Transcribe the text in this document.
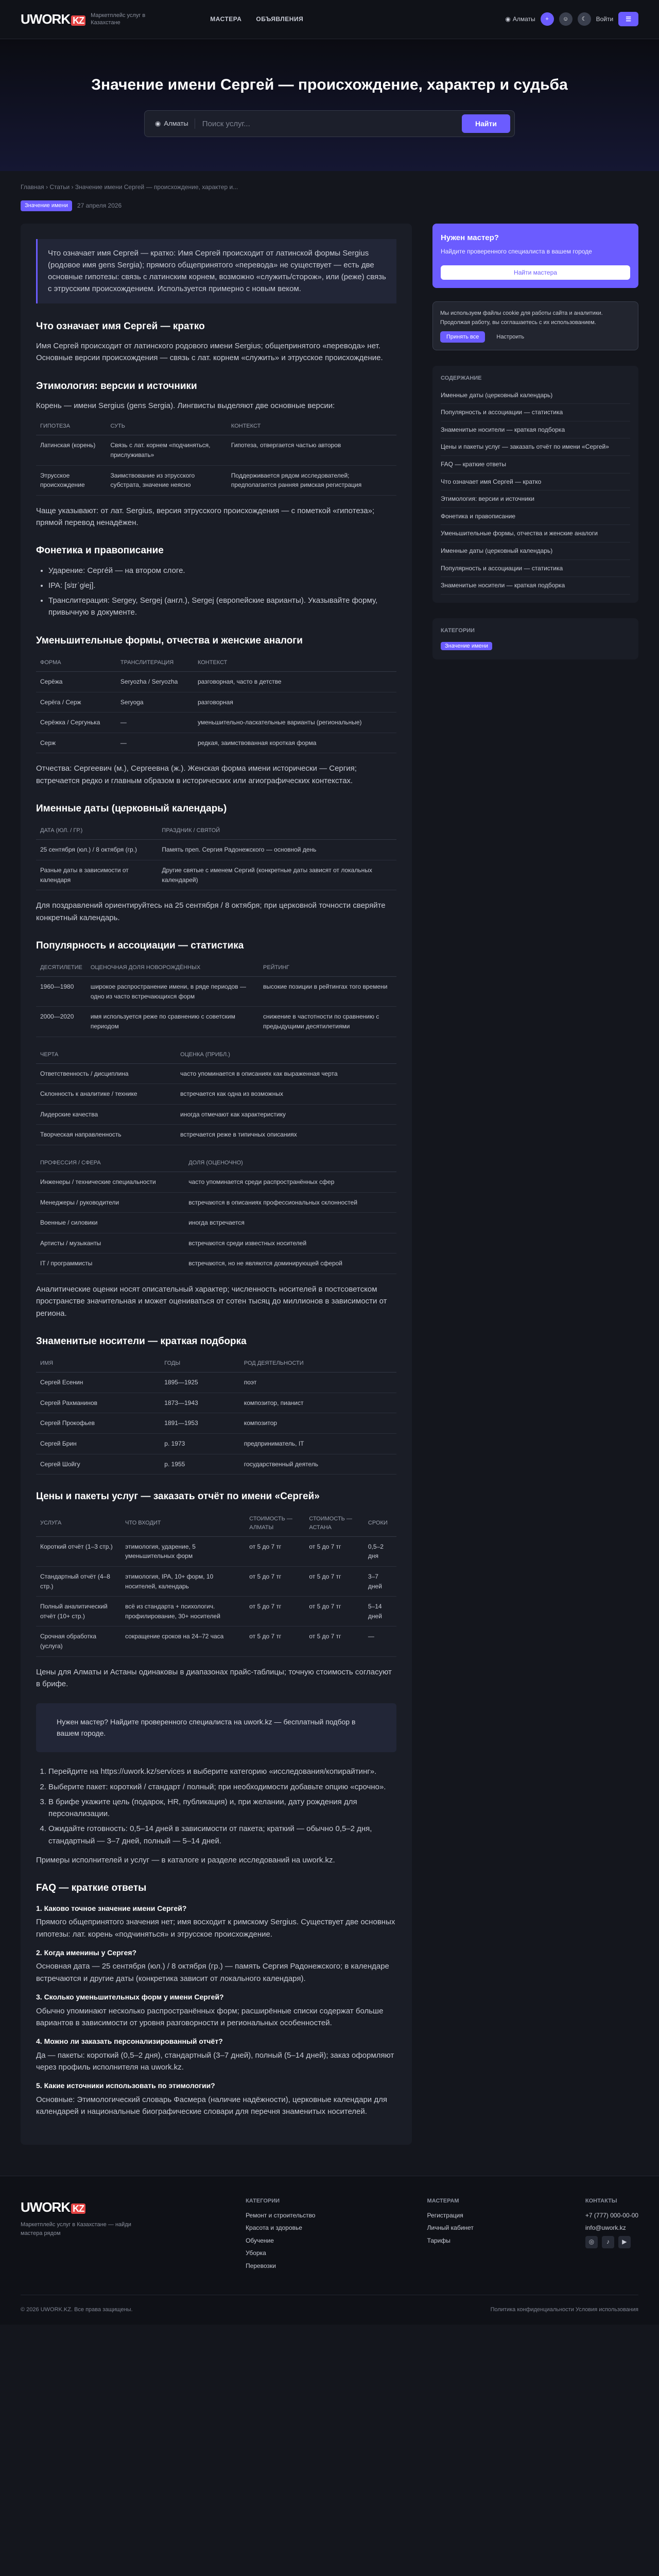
UWORK KZ
Маркетплейс услуг в Казахстане
МАСТЕРА ОБЪЯВЛЕНИЯ	◉ Алматы	+	☺	☾	Войти	☰
Значение имени Сергей — происхождение, характер и судьба
◉ Алматы
Поиск услуг...	Найти
Главная › Статьи › Значение имени Сергей — происхождение, характер и...
Значение имени	27 апреля 2026
Что означает имя Сергей — кратко: Имя Сергей происходит от латинской формы Sergius (родовое имя gens Sergia); прямого общепринятого «перевода» не существует — есть две основные гипотезы: связь с латинским корнем, возможно «служить/сторож», или (реже) связь с этрусским происхождением. Используется примерно с новым веком.
Что означает имя Сергей — кратко

Имя Сергей происходит от латинского родового имени Sergius; общепринятого «перевода» нет. Основные версии происхождения — связь с лат. корнем «служить» и этрусское происхождение.

Этимология: версии и источники

Корень — имени Sergius (gens Sergia). Лингвисты выделяют две основные версии:

ГИПОТЕЗА	СУТЬ	КОНТЕКСТ
Латинская (корень)	Связь с лат. корнем «подчиняться, прислуживать»	Гипотеза, отвергается частью авторов
Этрусское происхождение	Заимствование из этрусского субстрата, значение неясно	Поддерживается рядом исследователей; предполагается ранняя римская регистрация

Чаще указывают: от лат. Sergius, версия этрусского происхождения — с пометкой «гипотеза»; прямой перевод ненадёжен.

Фонетика и правописание
• Ударение: Сергéй — на втором слоге.
• IPA: [sʲɪrˈɡʲej].
• Транслитерация: Sergey, Sergej (англ.), Sergej (европейские варианты). Указывайте форму, привычную в документе.
Уменьшительные формы, отчества и женские аналоги
ФОРМА	ТРАНСЛИТЕРАЦИЯ	КОНТЕКСТ
Серёжа	Seryozha / Seryozha	разговорная, часто в детстве
Серёга / Серж	Seryoga	разговорная
Серёжка / Сергунька	—	уменьшительно-ласкательные варианты (региональные)
Серж	—	редкая, заимствованная короткая форма

Отчества: Сергеевич (м.), Сергеевна (ж.). Женская форма имени исторически — Сергия; встречается редко и главным образом в исторических или агиографических контекстах.

Именные даты (церковный календарь)
ДАТА (ЮЛ. / ГР.)	ПРАЗДНИК / СВЯТОЙ
25 сентября (юл.) / 8 октября (гр.)	Память преп. Сергия Радонежского — основной день
Разные даты в зависимости от календаря	Другие святые с именем Сергий (конкретные даты зависят от локальных календарей)

Для поздравлений ориентируйтесь на 25 сентября / 8 октября; при церковной точности сверяйте конкретный календарь.

Популярность и ассоциации — статистика
ДЕСЯТИЛЕТИЕ	ОЦЕНОЧНАЯ ДОЛЯ НОВОРОЖДЁННЫХ	РЕЙТИНГ
1960—1980	широкое распространение имени, в ряде периодов — одно из часто встречающихся форм	высокие позиции в рейтингах того времени
2000—2020	имя используется реже по сравнению с советским периодом	снижение в частотности по сравнению с предыдущими десятилетиями
ЧЕРТА	ОЦЕНКА (ПРИБЛ.)
Ответственность / дисциплина	часто упоминается в описаниях как выраженная черта
Склонность к аналитике / технике	встречается как одна из возможных
Лидерские качества	иногда отмечают как характеристику
Творческая направленность	встречается реже в типичных описаниях
ПРОФЕССИЯ / СФЕРА	ДОЛЯ (ОЦЕНОЧНО)
Инженеры / технические специальности	часто упоминается среди распространённых сфер
Менеджеры / руководители	встречаются в описаниях профессиональных склонностей
Военные / силовики	иногда встречается
Артисты / музыканты	встречаются среди известных носителей
IT / программисты	встречаются, но не являются доминирующей сферой

Аналитические оценки носят описательный характер; численность носителей в постсоветском пространстве значительная и может оцениваться от сотен тысяц до миллионов в зависимости от региона.

Знаменитые носители — краткая подборка
ИМЯ	ГОДЫ	РОД ДЕЯТЕЛЬНОСТИ
Сергей Есенин	1895—1925	поэт
Сергей Рахманинов	1873—1943	композитор, пианист
Сергей Прокофьев	1891—1953	композитор
Сергей Брин	р. 1973	предприниматель, IT
Сергей Шойгу	р. 1955	государственный деятель
Цены и пакеты услуг — заказать отчёт по имени «Сергей»
УСЛУГА	ЧТО ВХОДИТ	СТОИМОСТЬ — АЛМАТЫ	СТОИМОСТЬ — АСТАНА	СРОКИ
Короткий отчёт (1–3 стр.)	этимология, ударение, 5 уменьшительных форм	от 5 до 7 тг	от 5 до 7 тг	0,5–2 дня
Стандартный отчёт (4–8 стр.)	этимология, IPA, 10+ форм, 10 носителей, календарь	от 5 до 7 тг	от 5 до 7 тг	3–7 дней
Полный аналитический отчёт (10+ стр.)	всё из стандарта + психологич. профилирование, 30+ носителей	от 5 до 7 тг	от 5 до 7 тг	5–14 дней
Срочная обработка (услуга)	сокращение сроков на 24–72 часа	от 5 до 7 тг	от 5 до 7 тг	—

Цены для Алматы и Астаны одинаковы в диапазонах прайс-таблицы; точную стоимость согласуют в брифе.

Нужен мастер? Найдите проверенного специалиста на uwork.kz — бесплатный подбор в вашем городе.
1. Перейдите на https://uwork.kz/services и выберите категорию «исследования/копирайтинг».
2. Выберите пакет: короткий / стандарт / полный; при необходимости добавьте опцию «срочно».
3. В брифе укажите цель (подарок, HR, публикация) и, при желании, дату рождения для персонализации.
4. Ожидайте готовность: 0,5–14 дней в зависимости от пакета; краткий — обычно 0,5–2 дня, стандартный — 3–7 дней, полный — 5–14 дней.

Примеры исполнителей и услуг — в каталоге и разделе исследований на uwork.kz.

FAQ — краткие ответы
1. Каково точное значение имени Сергей?

Прямого общепринятого значения нет; имя восходит к римскому Sergius. Существует две основных гипотезы: лат. корень «подчиняться» и этрусское происхождение.

2. Когда именины у Сергея?

Основная дата — 25 сентября (юл.) / 8 октября (гр.) — память Сергия Радонежского; в календаре встречаются и другие даты (конкретика зависит от локального календаря).

3. Сколько уменьшительных форм у имени Сергей?

Обычно упоминают несколько распространённых форм; расширённые списки содержат больше вариантов в зависимости от уровня разговорности и региональных особенностей.

4. Можно ли заказать персонализированный отчёт?

Да — пакеты: короткий (0,5–2 дня), стандартный (3–7 дней), полный (5–14 дней); заказ оформляют через профиль исполнителя на uwork.kz.

5. Какие источники использовать по этимологии?

Основные: Этимологический словарь Фасмера (наличие надёжности), церковные календари для календарей и национальные биографические словари для перечня знаменитых носителей.

Нужен мастер?

Найдите проверенного специалиста в вашем городе

Найти мастера
Мы используем файлы cookie для работы сайта и аналитики. Продолжая работу, вы соглашаетесь с их использованием.
Принять все	Настроить
СОДЕРЖАНИЕ
Именные даты (церковный календарь)
Популярность и ассоциации — статистика
Знаменитые носители — краткая подборка
Цены и пакеты услуг — заказать отчёт по имени «Сергей»
FAQ — краткие ответы
Что означает имя Сергей — кратко
Этимология: версии и источники
Фонетика и правописание
Уменьшительные формы, отчества и женские аналоги
Именные даты (церковный календарь)
Популярность и ассоциации — статистика
Знаменитые носители — краткая подборка
КАТЕГОРИИ
Значение имени
UWORK KZ
Маркетплейс услуг в Казахстане — найди мастера рядом
КАТЕГОРИИ
Ремонт и строительство
Красота и здоровье
Обучение
Уборка
Перевозки
МАСТЕРАМ
Регистрация
Личный кабинет
Тарифы
КОНТАКТЫ
+7 (777) 000-00-00
info@uwork.kz
◎	♪	▶
© 2026 UWORK.KZ. Все права защищены.	Политика конфиденциальности Условия использования
